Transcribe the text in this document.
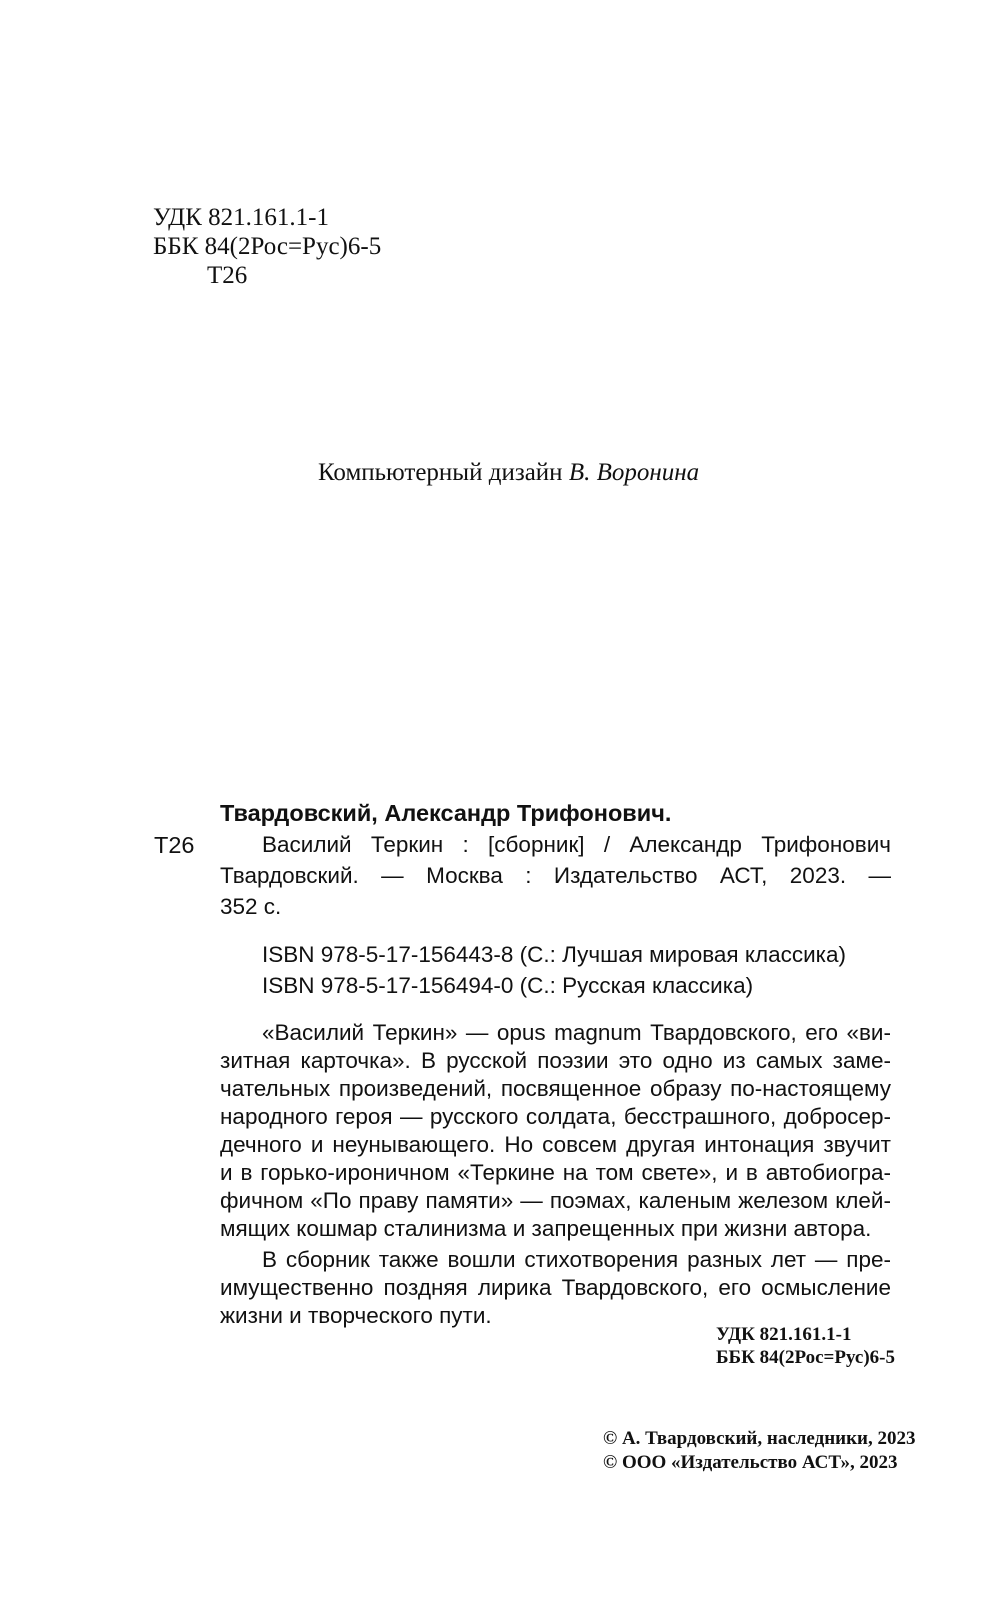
УДК 821.161.1-1
ББК 84(2Рос=Рус)6-5
Т26
Компьютерный дизайн В. Воронина
Твардовский, Александр Трифонович.
Т26	Василий Теркин : [сборник] / Александр Трифонович
Твардовский. — Москва : Издательство АСТ, 2023. —
352 с.
ISBN 978-5-17-156443-8 (С.: Лучшая мировая классика)
ISBN 978-5-17-156494-0 (С.: Русская классика)
«Василий Теркин» — opus magnum Твардовского, его «ви-
зитная карточка». В русской поэзии это одно из самых заме-
чательных произведений, посвященное образу по-настоящему
народного героя — русского солдата, бесстрашного, добросер-
дечного и неунывающего. Но совсем другая интонация звучит
и в горько-ироничном «Теркине на том свете», и в автобиогра-
фичном «По праву памяти» — поэмах, каленым железом клей-
мящих кошмар сталинизма и запрещенных при жизни автора.
В сборник также вошли стихотворения разных лет — пре-
имущественно поздняя лирика Твардовского, его осмысление
жизни и творческого пути.
УДК 821.161.1-1
ББК 84(2Рос=Рус)6-5
© А. Твардовский, наследники, 2023
© ООО «Издательство АСТ», 2023
